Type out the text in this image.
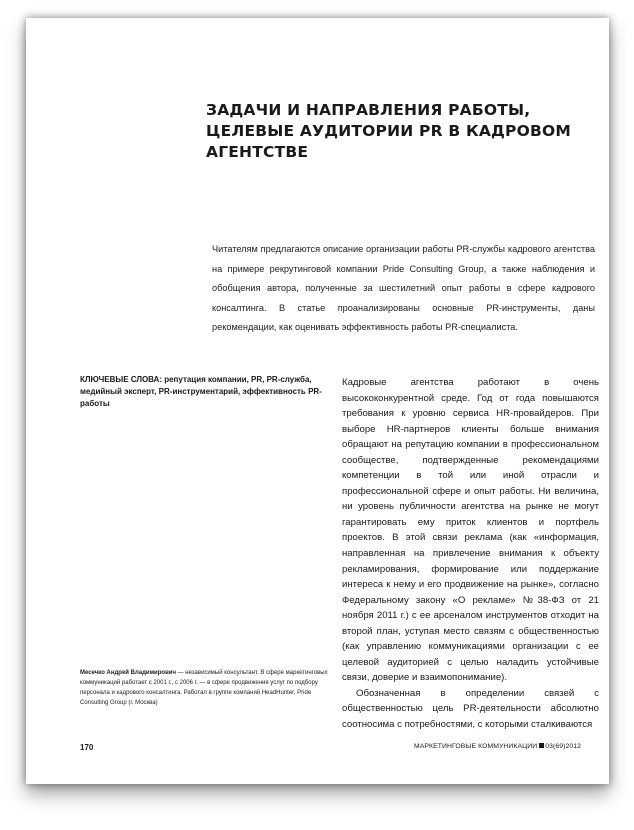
ЗАДАЧИ И НАПРАВЛЕНИЯ РАБОТЫ, ЦЕЛЕВЫЕ АУДИТОРИИ PR В КАДРОВОМ АГЕНТСТВЕ

Читателям предлагаются описание организации работы PR-службы кадрового агентства на примере рекрутинговой компании Pride Consulting Group, а также наблюдения и обобщения автора, полученные за шестилетний опыт работы в сфере кадрового консалтинга. В статье проанализированы основные PR-инструменты, даны рекомендации, как оценивать эффективность работы PR-специалиста.

КЛЮЧЕВЫЕ СЛОВА: репутация компании, PR, PR-служба, медийный эксперт, PR-инструментарий, эффективность PR-работы

Месечко Андрей Владимирович — независимый консультант. В сфере маркетинговых коммуникаций работает с 2001 г., с 2006 г. — в сфере продвижения услуг по подбору персонала и кадрового консалтинга. Работал в группе компаний HeadHunter, Pride Consulting Group (г. Москва)

Кадровые агентства работают в очень высококонкурентной среде. Год от года повышаются требования к уровню сервиса HR-провайдеров. При выборе HR-партнеров клиенты больше внимания обращают на репутацию компании в профессиональном сообществе, подтвержденные рекомендациями компетенции в той или иной отрасли и профессиональной сфере и опыт работы. Ни величина, ни уровень публичности агентства на рынке не могут гарантировать ему приток клиентов и портфель проектов. В этой связи реклама (как «информация, направленная на привлечение внимания к объекту рекламирования, формирование или поддержание интереса к нему и его продвижение на рынке», согласно Федеральному закону «О рекламе» №38-ФЗ от 21 ноября 2011 г.) с ее арсеналом инструментов отходит на второй план, уступая место связям с общественностью (как управлению коммуникациями организации с ее целевой аудиторией с целью наладить устойчивые связи, доверие и взаимопонимание).

Обозначенная в определении связей с общественностью цель PR-деятельности абсолютно соотносима с потребностями, с которыми сталкиваются

170	МАРКЕТИНГОВЫЕ КОММУНИКАЦИИ 03(69)2012
